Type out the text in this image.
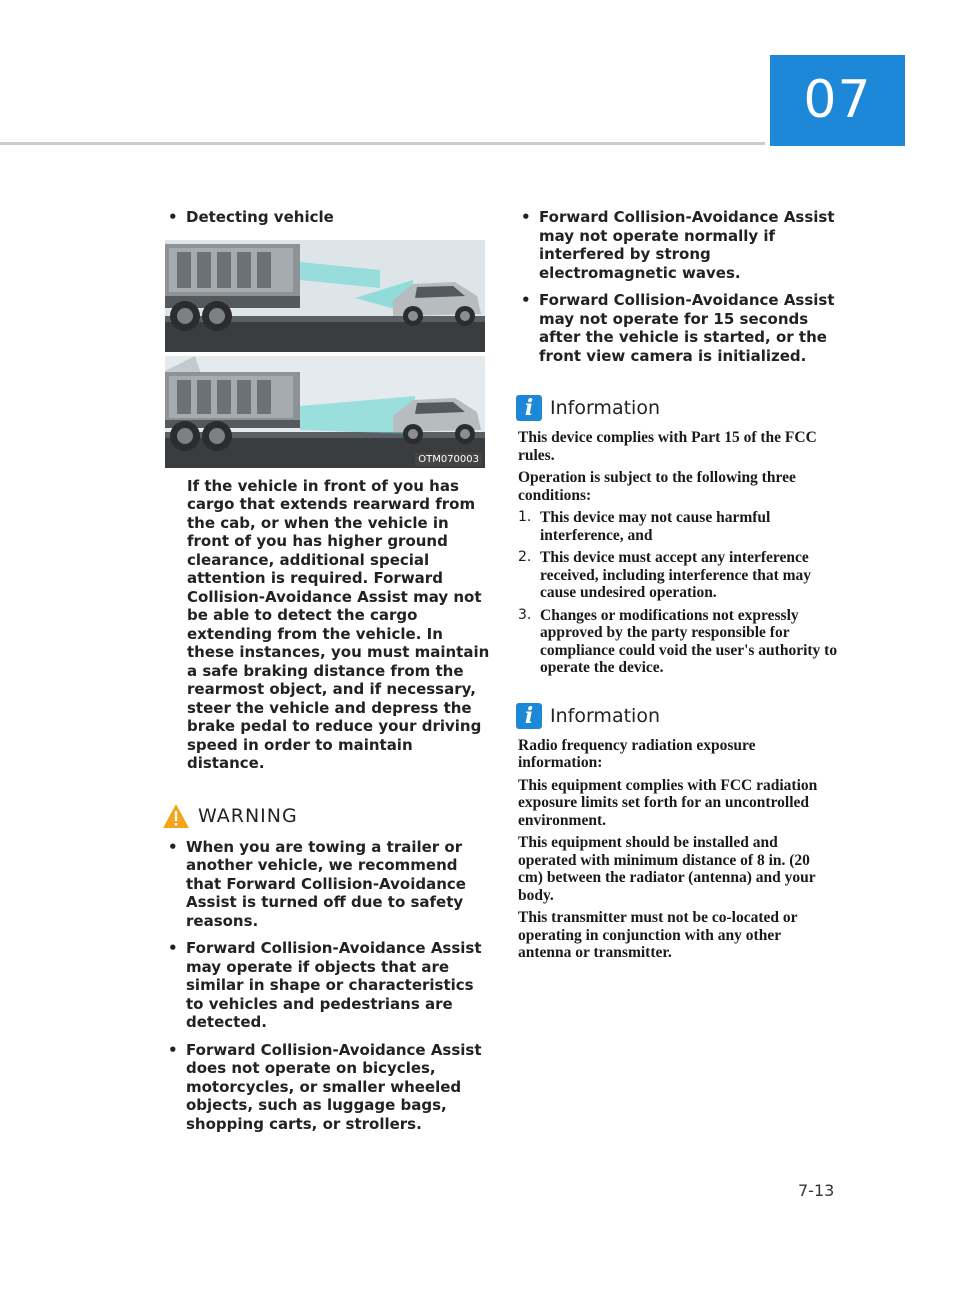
07
• Detecting vehicle
OTM070003
If the vehicle in front of you has cargo that extends rearward from the cab, or when the vehicle in front of you has higher ground clearance, additional special attention is required. Forward Collision-Avoidance Assist may not be able to detect the cargo extending from the vehicle. In these instances, you must maintain a safe braking distance from the rearmost object, and if necessary, steer the vehicle and depress the brake pedal to reduce your driving speed in order to maintain distance.
WARNING
• When you are towing a trailer or another vehicle, we recommend that Forward Collision-Avoidance Assist is turned off due to safety reasons.
• Forward Collision-Avoidance Assist may operate if objects that are similar in shape or characteristics to vehicles and pedestrians are detected.
• Forward Collision-Avoidance Assist does not operate on bicycles, motorcycles, or smaller wheeled objects, such as luggage bags, shopping carts, or strollers.
• Forward Collision-Avoidance Assist may not operate normally if interfered by strong electromagnetic waves.
• Forward Collision-Avoidance Assist may not operate for 15 seconds after the vehicle is started, or the front view camera is initialized.
i Information

This device complies with Part 15 of the FCC rules.

Operation is subject to the following three conditions:

1. This device may not cause harmful interference, and
2. This device must accept any interference received, including interference that may cause undesired operation.
3. Changes or modifications not expressly approved by the party responsible for compliance could void the user's authority to operate the device.
i Information

Radio frequency radiation exposure information:

This equipment complies with FCC radiation exposure limits set forth for an uncontrolled environment.

This equipment should be installed and operated with minimum distance of 8 in. (20 cm) between the radiator (antenna) and your body.

This transmitter must not be co-located or operating in conjunction with any other antenna or transmitter.

7-13
